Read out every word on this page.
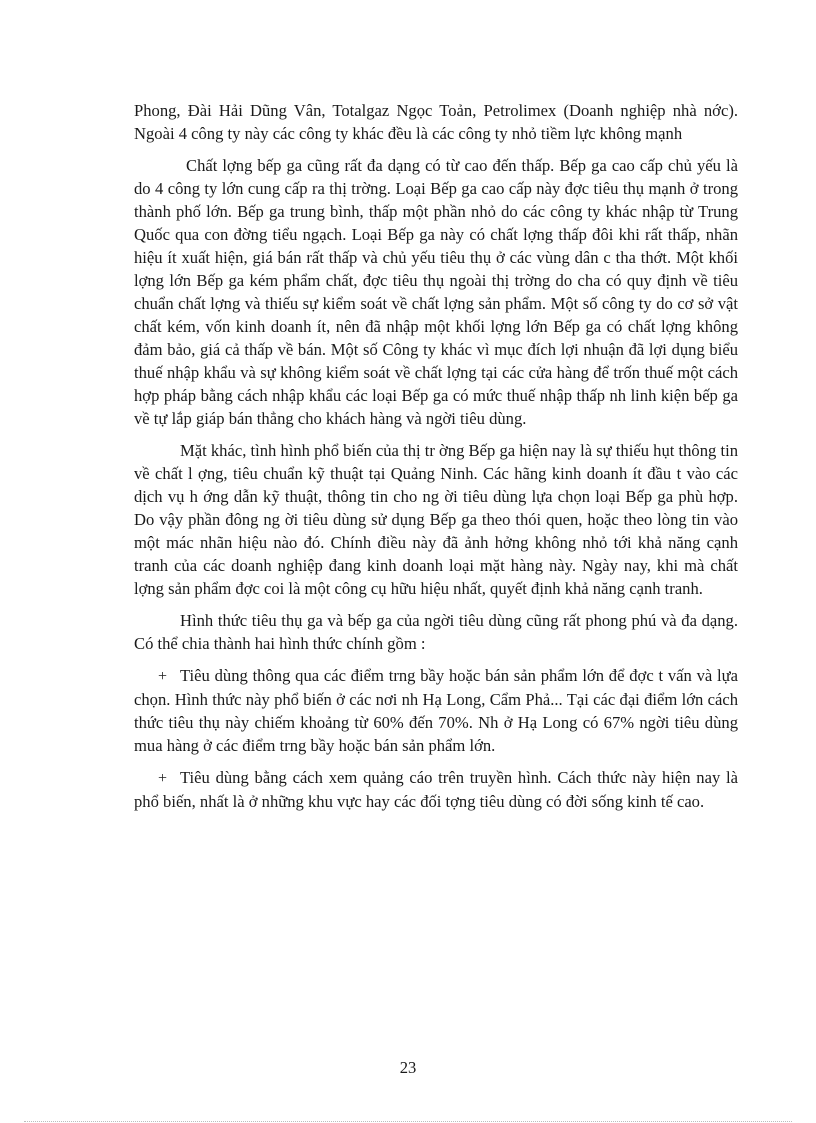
Phong, Đài Hải Dũng Vân, Totalgaz Ngọc Toản, Petrolimex (Doanh nghiệp nhà nớc). Ngoài 4 công ty này các công ty khác đều là các công ty nhỏ tiềm lực không mạnh

Chất lợng bếp ga cũng rất đa dạng có từ cao đến thấp. Bếp ga cao cấp chủ yếu là do 4 công ty lớn cung cấp ra thị trờng. Loại Bếp ga cao cấp này đợc tiêu thụ mạnh ở trong thành phố lớn. Bếp ga trung bình, thấp một phần nhỏ do các công ty khác nhập từ Trung Quốc qua con đờng tiểu ngạch. Loại Bếp ga này có chất lợng thấp đôi khi rất thấp, nhãn hiệu ít xuất hiện, giá bán rất thấp và chủ yếu tiêu thụ ở các vùng dân c tha thớt. Một khối lợng lớn Bếp ga kém phẩm chất, đợc tiêu thụ ngoài thị trờng do cha có quy định về tiêu chuẩn chất lợng và thiếu sự kiểm soát về chất lợng sản phẩm. Một số công ty do cơ sở vật chất kém, vốn kinh doanh ít, nên đã nhập một khối lợng lớn Bếp ga có chất lợng không đảm bảo, giá cả thấp về bán. Một số Công ty khác vì mục đích lợi nhuận đã lợi dụng biểu thuế nhập khẩu và sự không kiểm soát về chất lợng tại các cửa hàng để trốn thuế một cách hợp pháp bằng cách nhập khẩu các loại Bếp ga có mức thuế nhập thấp nh linh kiện bếp ga về tự lắp giáp bán thẳng cho khách hàng và ngời tiêu dùng.

Mặt khác, tình hình phổ biến của thị tr ờng Bếp ga hiện nay là sự thiếu hụt thông tin về chất l ợng, tiêu chuẩn kỹ thuật tại Quảng Ninh. Các hãng kinh doanh ít đầu t vào các dịch vụ h ớng dẫn kỹ thuật, thông tin cho ng ời tiêu dùng lựa chọn loại Bếp ga phù hợp. Do vậy phần đông ng ời tiêu dùng sử dụng Bếp ga theo thói quen, hoặc theo lòng tin vào một mác nhãn hiệu nào đó. Chính điều này đã ảnh hởng không nhỏ tới khả năng cạnh tranh của các doanh nghiệp đang kinh doanh loại mặt hàng này. Ngày nay, khi mà chất lợng sản phẩm đợc coi là một công cụ hữu hiệu nhất, quyết định khả năng cạnh tranh.

Hình thức tiêu thụ ga và bếp ga của ngời tiêu dùng cũng rất phong phú và đa dạng. Có thể chia thành hai hình thức chính gồm :

+ Tiêu dùng thông qua các điểm trng bầy hoặc bán sản phẩm lớn để đợc t vấn và lựa chọn. Hình thức này phổ biến ở các nơi nh Hạ Long, Cẩm Phả... Tại các đại điểm lớn cách thức tiêu thụ này chiếm khoảng từ 60% đến 70%. Nh ở Hạ Long có 67% ngời tiêu dùng mua hàng ở các điểm trng bầy hoặc bán sản phẩm lớn.

+ Tiêu dùng bằng cách xem quảng cáo trên truyền hình. Cách thức này hiện nay là phổ biến, nhất là ở những khu vực hay các đối tợng tiêu dùng có đời sống kinh tế cao.

23
